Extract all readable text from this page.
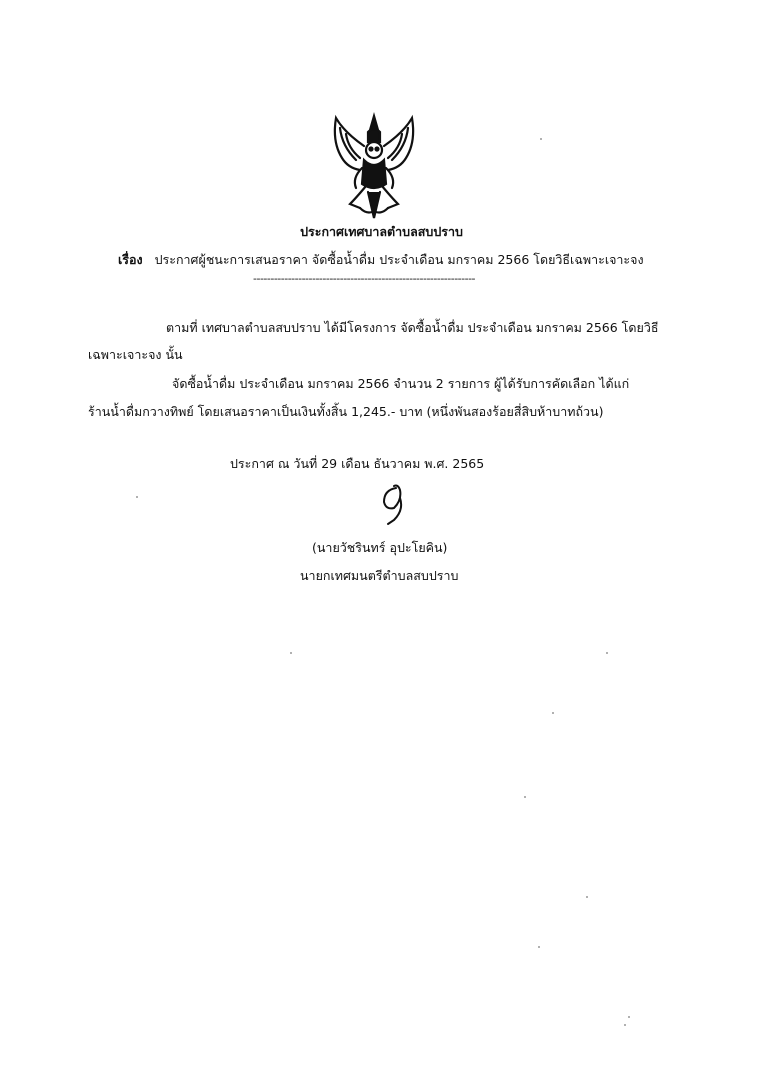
ประกาศเทศบาลตำบลสบปราบ
เรื่อง ประกาศผู้ชนะการเสนอราคา จัดซื้อน้ำดื่ม ประจำเดือน มกราคม 2566 โดยวิธีเฉพาะเจาะจง
----------------------------------------------------------------
ตามที่ เทศบาลตำบลสบปราบ ได้มีโครงการ จัดซื้อน้ำดื่ม ประจำเดือน มกราคม 2566 โดยวิธี
เฉพาะเจาะจง นั้น
จัดซื้อน้ำดื่ม ประจำเดือน มกราคม 2566 จำนวน 2 รายการ ผู้ได้รับการคัดเลือก ได้แก่
ร้านน้ำดื่มกวางทิพย์ โดยเสนอราคาเป็นเงินทั้งสิ้น 1,245.- บาท (หนึ่งพันสองร้อยสี่สิบห้าบาทถ้วน)
ประกาศ ณ วันที่ 29 เดือน ธันวาคม พ.ศ. 2565
(นายวัชรินทร์ อุปะโยคิน)
นายกเทศมนตรีตำบลสบปราบ
